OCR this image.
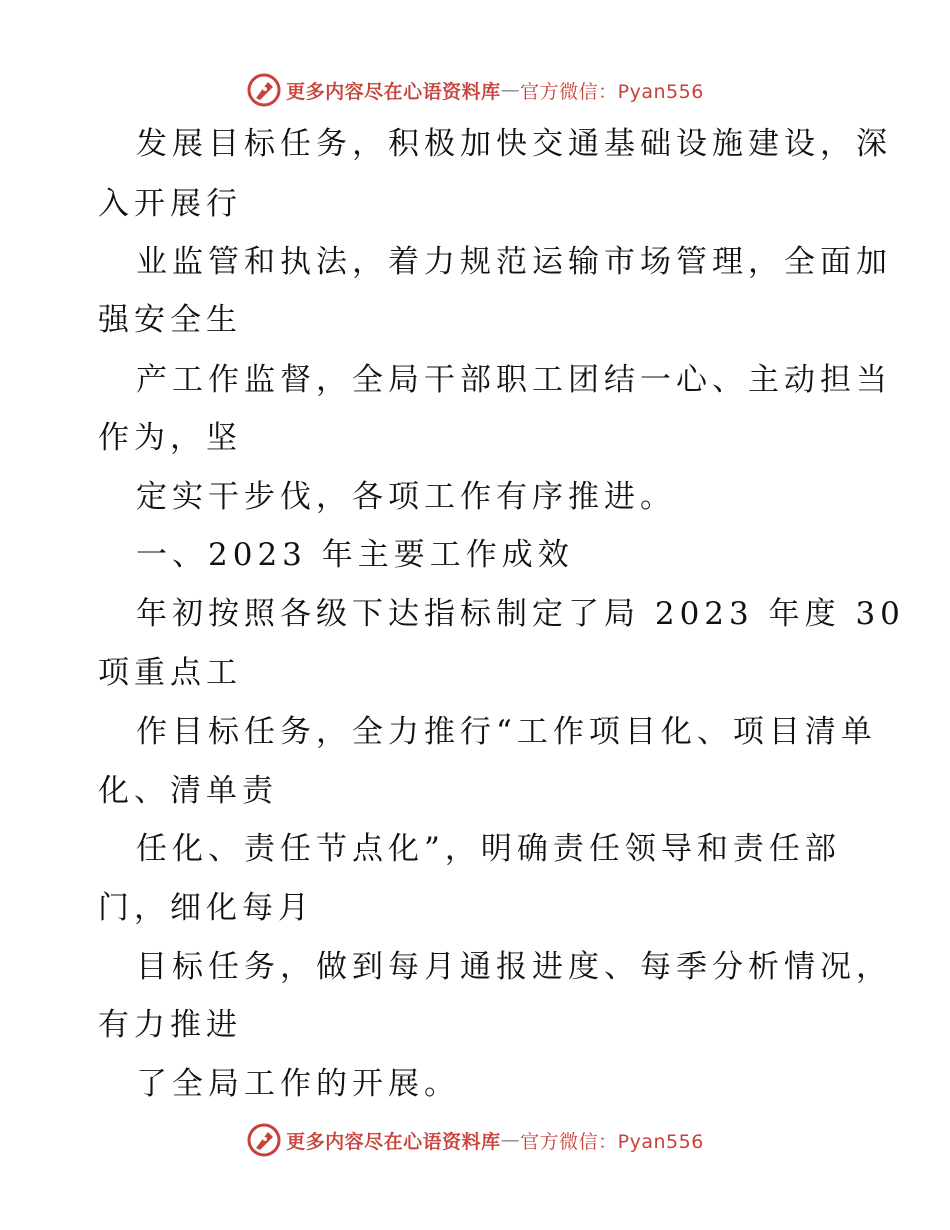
更多内容尽在心语资料库 — 官方微信：Pyan556
发展目标任务，积极加快交通基础设施建设，深
入开展行
业监管和执法，着力规范运输市场管理，全面加
强安全生
产工作监督，全局干部职工团结一心、主动担当
作为，坚
定实干步伐，各项工作有序推进。
一、2023 年主要工作成效
年初按照各级下达指标制定了局 2023 年度 30
项重点工
作目标任务，全力推行“工作项目化、项目清单
化、清单责
任化、责任节点化”，明确责任领导和责任部
门，细化每月
目标任务，做到每月通报进度、每季分析情况，
有力推进
了全局工作的开展。
更多内容尽在心语资料库 — 官方微信：Pyan556
